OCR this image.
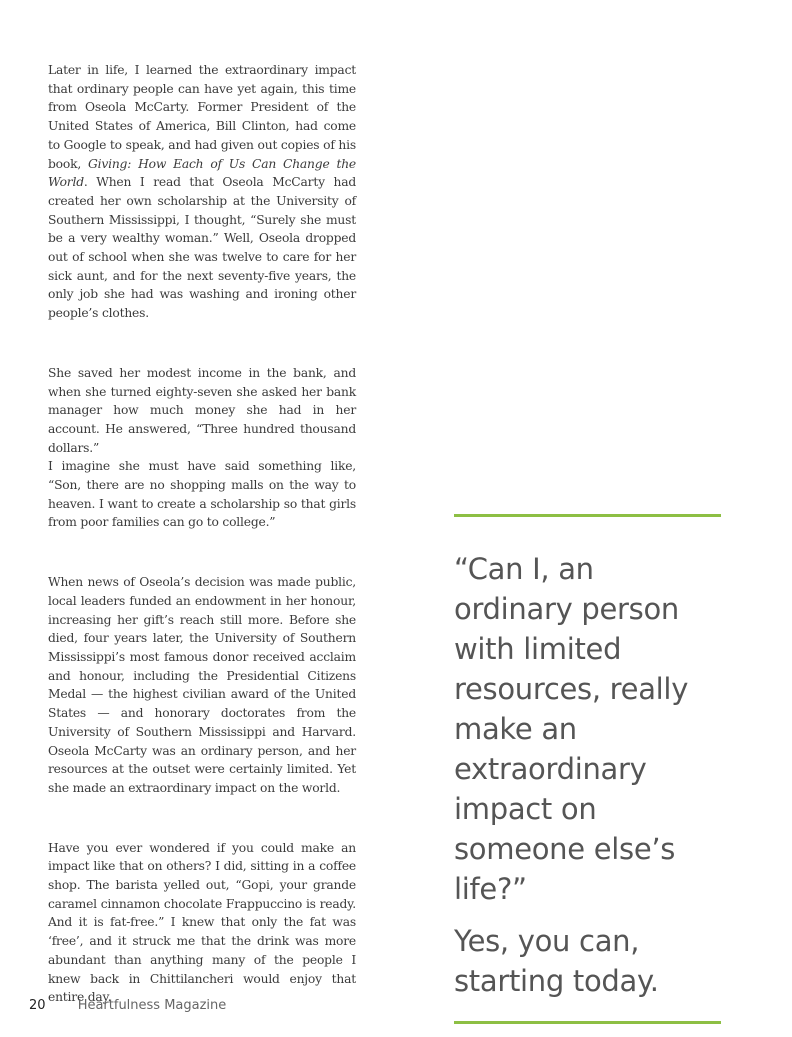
Later in life, I learned the extraordinary impact that ordinary people can have yet again, this time from Oseola McCarty. Former President of the United States of America, Bill Clinton, had come to Google to speak, and had given out copies of his book, Giving: How Each of Us Can Change the World. When I read that Oseola McCarty had created her own scholarship at the University of Southern Mississippi, I thought, “Surely she must be a very wealthy woman.” Well, Oseola dropped out of school when she was twelve to care for her sick aunt, and for the next seventy-five years, the only job she had was washing and ironing other people’s clothes.

She saved her modest income in the bank, and when she turned eighty-seven she asked her bank manager how much money she had in her account. He answered, “Three hundred thousand dollars.”

I imagine she must have said something like, “Son, there are no shopping malls on the way to heaven. I want to create a scholarship so that girls from poor families can go to college.”

When news of Oseola’s decision was made public, local leaders funded an endowment in her honour, increasing her gift’s reach still more. Before she died, four years later, the University of Southern Mississippi’s most famous donor received acclaim and honour, including the Presidential Citizens Medal — the highest civilian award of the United States — and honorary doctorates from the University of Southern Mississippi and Harvard. Oseola McCarty was an ordinary person, and her resources at the outset were certainly limited. Yet she made an extraordinary impact on the world.

Have you ever wondered if you could make an impact like that on others? I did, sitting in a coffee shop. The barista yelled out, “Gopi, your grande caramel cinnamon chocolate Frappuccino is ready. And it is fat-free.” I knew that only the fat was ‘free’, and it struck me that the drink was more abundant than anything many of the people I knew back in Chittilancheri would enjoy that entire day.

“Can I, an ordinary person with limited resources, really make an extraordinary impact on someone else’s life?”

Yes, you can, starting today.

20 Heartfulness Magazine
